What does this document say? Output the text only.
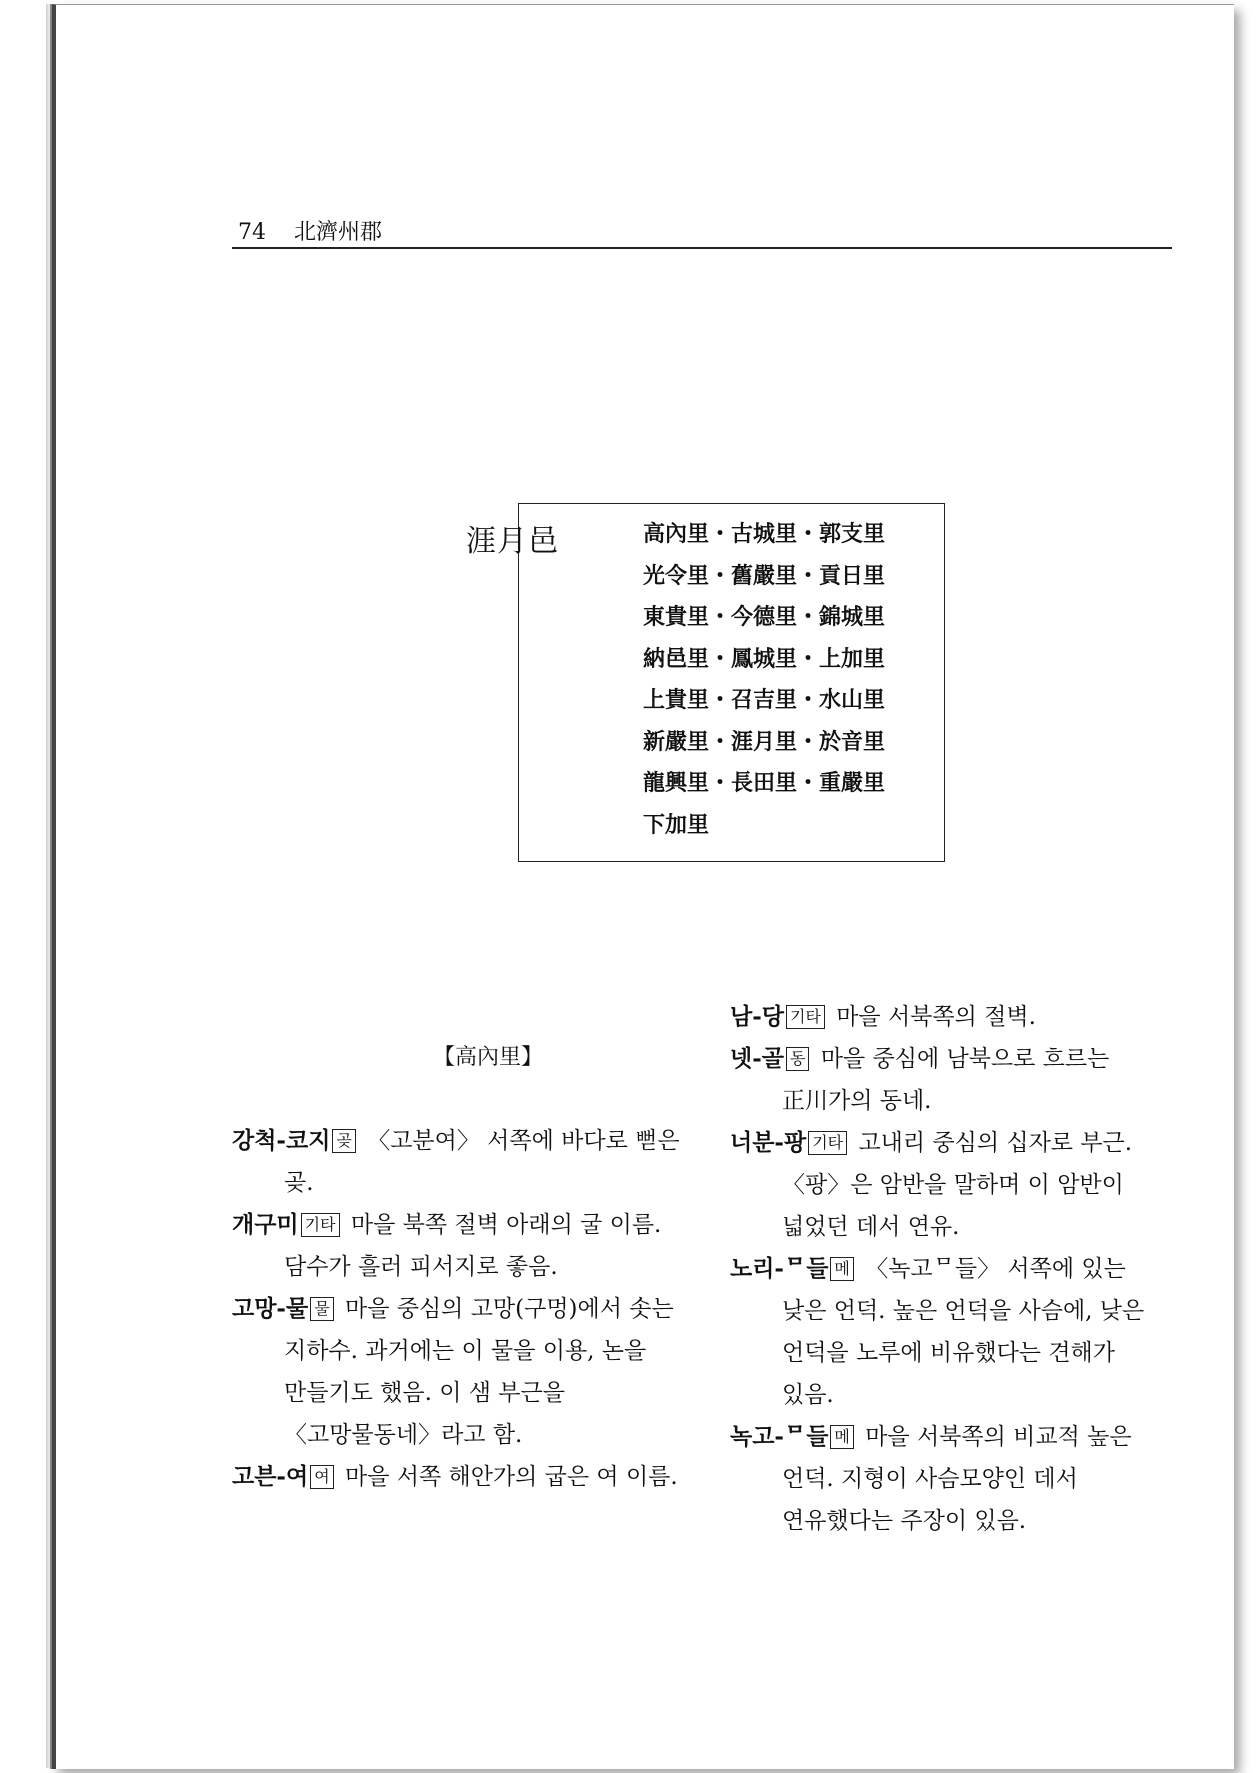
74 北濟州郡
涯月邑	高內里・古城里・郭支里
光令里・舊嚴里・貢日里
東貴里・今德里・錦城里
納邑里・鳳城里・上加里
上貴里・召吉里・水山里
新嚴里・涯月里・於音里
龍興里・長田里・重嚴里
下加里
【高內里】

강척-코지 곶 〈고분여〉 서쪽에 바다로 뻗은 곶.

개구미 기타 마을 북쪽 절벽 아래의 굴 이름. 담수가 흘러 피서지로 좋음.

고망-물 물 마을 중심의 고망(구멍)에서 솟는 지하수. 과거에는 이 물을 이용, 논을 만들기도 했음. 이 샘 부근을 〈고망물동네〉라고 함.

고븐-여 여 마을 서쪽 해안가의 굽은 여 이름.

남-당 기타 마을 서북쪽의 절벽.

넷-골 동 마을 중심에 남북으로 흐르는 正川가의 동네.

너분-팡 기타 고내리 중심의 십자로 부근. 〈팡〉은 암반을 말하며 이 암반이 넓었던 데서 연유.

노리-ᄆ들 메 〈녹고ᄆ들〉 서쪽에 있는 낮은 언덕. 높은 언덕을 사슴에, 낮은 언덕을 노루에 비유했다는 견해가 있음.

녹고-ᄆ들 메 마을 서북쪽의 비교적 높은 언덕. 지형이 사슴모양인 데서 연유했다는 주장이 있음.
